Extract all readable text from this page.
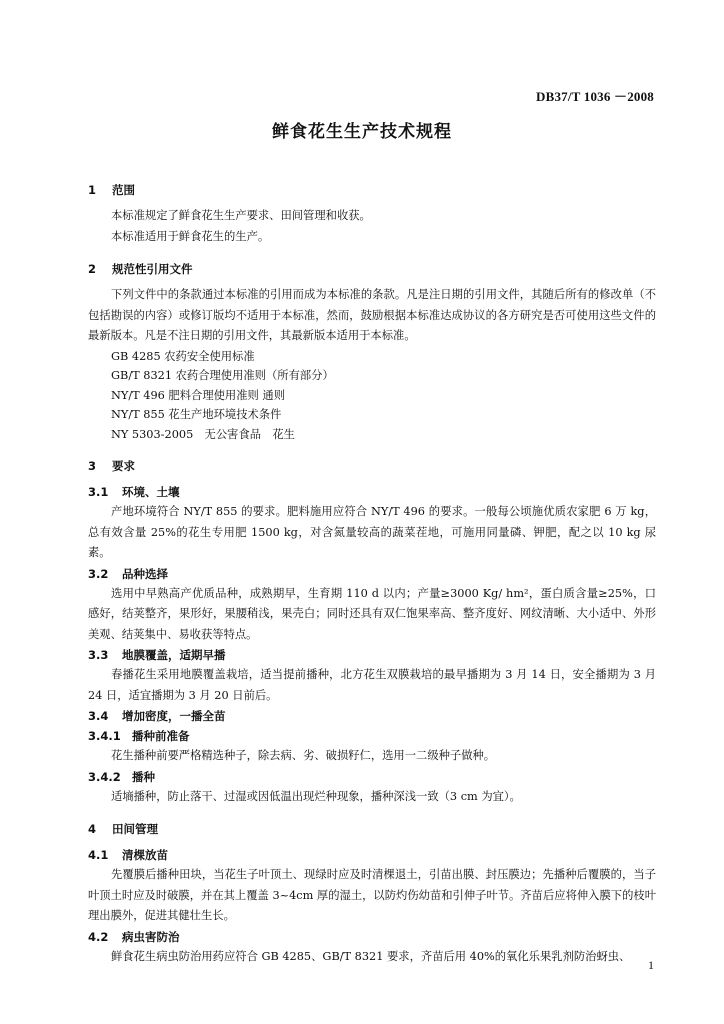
DB37/T 1036 －2008
鲜食花生生产技术规程
1 范围

本标准规定了鲜食花生生产要求、田间管理和收获。

本标准适用于鲜食花生的生产。

2 规范性引用文件

下列文件中的条款通过本标准的引用而成为本标准的条款。凡是注日期的引用文件，其随后所有的修改单（不包括勘误的内容）或修订版均不适用于本标准，然而，鼓励根据本标准达成协议的各方研究是否可使用这些文件的最新版本。凡是不注日期的引用文件，其最新版本适用于本标准。

GB 4285 农药安全使用标准
GB/T 8321 农药合理使用准则（所有部分）
NY/T 496 肥料合理使用准则 通则
NY/T 855 花生产地环境技术条件
NY 5303-2005　无公害食品　花生
3 要求
3.1 环境、土壤

产地环境符合 NY/T 855 的要求。肥料施用应符合 NY/T 496 的要求。一般每公顷施优质农家肥 6 万 kg，总有效含量 25%的花生专用肥 1500 kg，对含氮量较高的蔬菜茬地，可施用同量磷、钾肥，配之以 10 kg 尿素。

3.2 品种选择

选用中早熟高产优质品种，成熟期早，生育期 110 d 以内；产量≥3000 Kg/ hm²，蛋白质含量≥25%，口感好，结荚整齐，果形好，果腰稍浅，果壳白；同时还具有双仁饱果率高、整齐度好、网纹清晰、大小适中、外形美观、结荚集中、易收获等特点。

3.3 地膜覆盖，适期早播

春播花生采用地膜覆盖栽培，适当提前播种，北方花生双膜栽培的最早播期为 3 月 14 日，安全播期为 3 月 24 日，适宜播期为 3 月 20 日前后。

3.4 增加密度，一播全苗
3.4.1 播种前准备

花生播种前要严格精选种子，除去病、劣、破损籽仁，选用一二级种子做种。

3.4.2 播种

适墒播种，防止落干、过湿或因低温出现烂种现象，播种深浅一致（3 cm 为宜）。

4 田间管理
4.1 清棵放苗

先覆膜后播种田块，当花生子叶顶土、现绿时应及时清棵退土，引苗出膜、封压膜边；先播种后覆膜的，当子叶顶土时应及时破膜，并在其上覆盖 3~4cm 厚的湿土，以防灼伤幼苗和引伸子叶节。齐苗后应将伸入膜下的枝叶理出膜外，促进其健壮生长。

4.2 病虫害防治

鲜食花生病虫防治用药应符合 GB 4285、GB/T 8321 要求，齐苗后用 40%的氧化乐果乳剂防治蚜虫、

1
